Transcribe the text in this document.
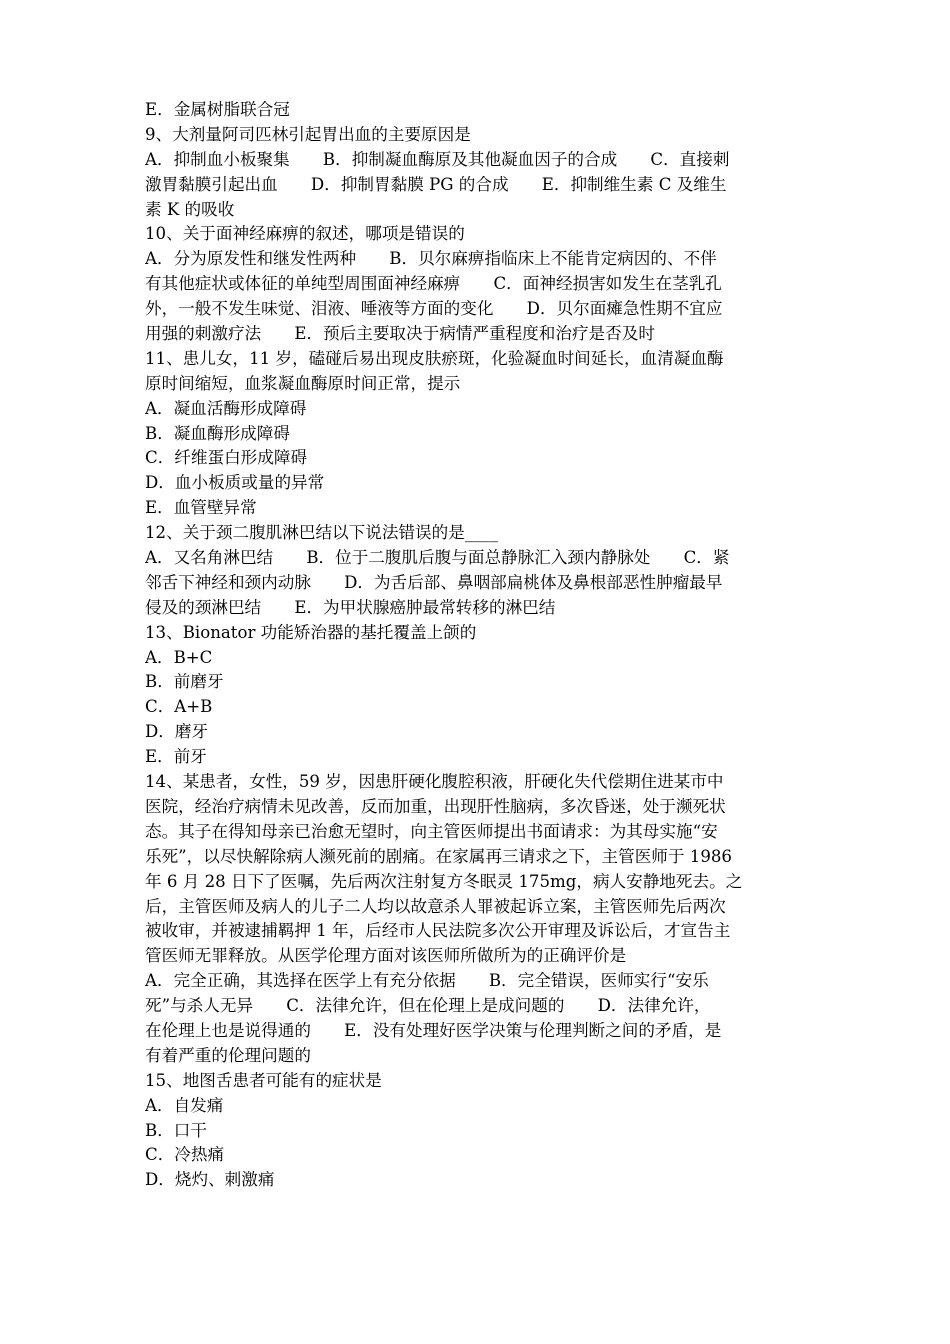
E．金属树脂联合冠
9、大剂量阿司匹林引起胃出血的主要原因是
A．抑制血小板聚集　　B．抑制凝血酶原及其他凝血因子的合成　　C．直接刺
激胃黏膜引起出血　　D．抑制胃黏膜 PG 的合成　　E．抑制维生素 C 及维生
素 K 的吸收
10、关于面神经麻痹的叙述，哪项是错误的
A．分为原发性和继发性两种　　B．贝尔麻痹指临床上不能肯定病因的、不伴
有其他症状或体征的单纯型周围面神经麻痹　　C．面神经损害如发生在茎乳孔
外，一般不发生味觉、泪液、唾液等方面的变化　　D．贝尔面瘫急性期不宜应
用强的刺激疗法　　E．预后主要取决于病情严重程度和治疗是否及时
11、患儿女，11 岁，磕碰后易出现皮肤瘀斑，化验凝血时间延长，血清凝血酶
原时间缩短，血浆凝血酶原时间正常，提示
A．凝血活酶形成障碍
B．凝血酶形成障碍
C．纤维蛋白形成障碍
D．血小板质或量的异常
E．血管壁异常
12、关于颈二腹肌淋巴结以下说法错误的是____
A．又名角淋巴结　　B．位于二腹肌后腹与面总静脉汇入颈内静脉处　　C．紧
邻舌下神经和颈内动脉　　D．为舌后部、鼻咽部扁桃体及鼻根部恶性肿瘤最早
侵及的颈淋巴结　　E．为甲状腺癌肿最常转移的淋巴结
13、Bionator 功能矫治器的基托覆盖上颌的
A．B+C
B．前磨牙
C．A+B
D．磨牙
E．前牙
14、某患者，女性，59 岁，因患肝硬化腹腔积液，肝硬化失代偿期住进某市中
医院，经治疗病情未见改善，反而加重，出现肝性脑病，多次昏迷，处于濒死状
态。其子在得知母亲已治愈无望时，向主管医师提出书面请求：为其母实施“安
乐死”，以尽快解除病人濒死前的剧痛。在家属再三请求之下，主管医师于 1986
年 6 月 28 日下了医嘱，先后两次注射复方冬眠灵 175mg，病人安静地死去。之
后，主管医师及病人的儿子二人均以故意杀人罪被起诉立案，主管医师先后两次
被收审，并被逮捕羁押 1 年，后经市人民法院多次公开审理及诉讼后，才宣告主
管医师无罪释放。从医学伦理方面对该医师所做所为的正确评价是
A．完全正确，其选择在医学上有充分依据　　B．完全错误，医师实行“安乐
死”与杀人无异　　C．法律允许，但在伦理上是成问题的　　D．法律允许，
在伦理上也是说得通的　　E．没有处理好医学决策与伦理判断之间的矛盾，是
有着严重的伦理问题的
15、地图舌患者可能有的症状是
A．自发痛
B．口干
C．冷热痛
D．烧灼、刺激痛
